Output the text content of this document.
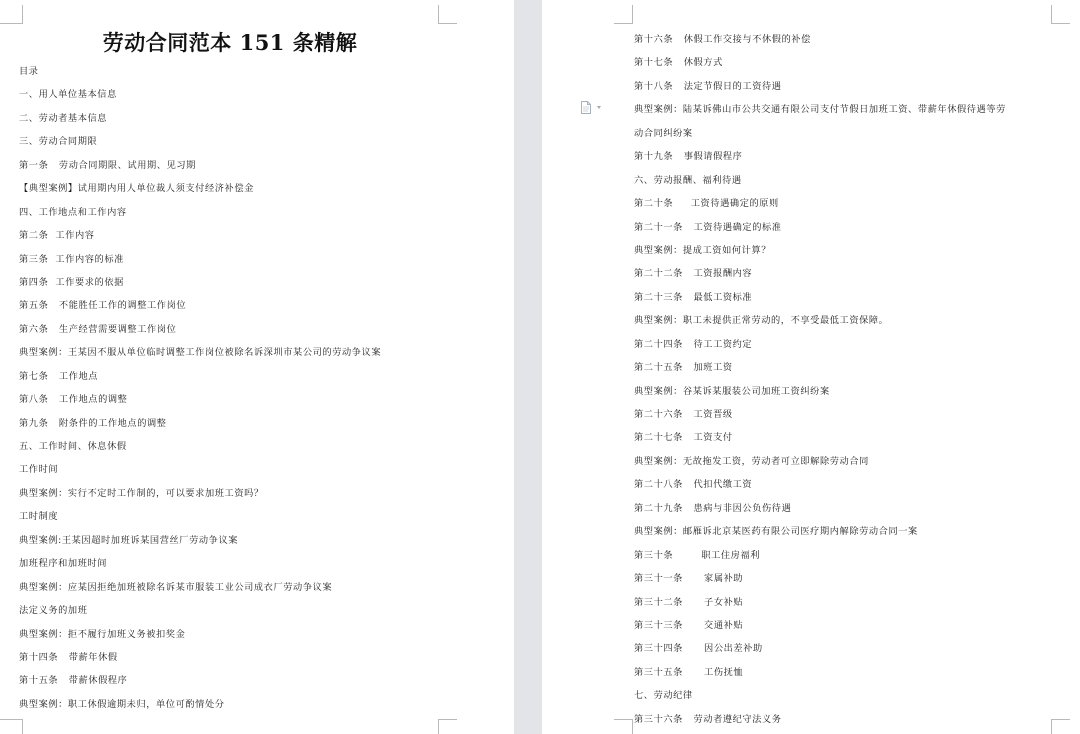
劳动合同范本 151 条精解
目录
一、用人单位基本信息
二、劳动者基本信息
三、劳动合同期限
第一条   劳动合同期限、试用期、见习期
【典型案例】试用期内用人单位裁人须支付经济补偿金
四、工作地点和工作内容
第二条  工作内容
第三条  工作内容的标准
第四条  工作要求的依据
第五条   不能胜任工作的调整工作岗位
第六条   生产经营需要调整工作岗位
典型案例：王某因不服从单位临时调整工作岗位被除名诉深圳市某公司的劳动争议案
第七条   工作地点
第八条   工作地点的调整
第九条   附条件的工作地点的调整
五、工作时间、休息休假
工作时间
典型案例：实行不定时工作制的，可以要求加班工资吗？
工时制度
典型案例:王某因超时加班诉某国营丝厂劳动争议案
加班程序和加班时间
典型案例：应某因拒绝加班被除名诉某市服装工业公司成衣厂劳动争议案
法定义务的加班
典型案例：拒不履行加班义务被扣奖金
第十四条   带薪年休假
第十五条   带薪休假程序
典型案例：职工休假逾期未归，单位可酌情处分
第十六条   休假工作交接与不休假的补偿
第十七条   休假方式
第十八条   法定节假日的工资待遇
典型案例：陆某诉佛山市公共交通有限公司支付节假日加班工资、带薪年休假待遇等劳
动合同纠纷案
第十九条   事假请假程序
六、劳动报酬、福利待遇
第二十条     工资待遇确定的原则
第二十一条   工资待遇确定的标准
典型案例：提成工资如何计算？
第二十二条   工资报酬内容
第二十三条   最低工资标准
典型案例：职工未提供正常劳动的，不享受最低工资保障。
第二十四条   待工工资约定
第二十五条   加班工资
典型案例：谷某诉某服装公司加班工资纠纷案
第二十六条   工资晋级
第二十七条   工资支付
典型案例：无故拖发工资，劳动者可立即解除劳动合同
第二十八条   代扣代缴工资
第二十九条   患病与非因公负伤待遇
典型案例：邮雁诉北京某医药有限公司医疗期内解除劳动合同一案
第三十条        职工住房福利
第三十一条      家属补助
第三十二条      子女补贴
第三十三条      交通补贴
第三十四条      因公出差补助
第三十五条      工伤抚恤
七、劳动纪律
第三十六条   劳动者遵纪守法义务
